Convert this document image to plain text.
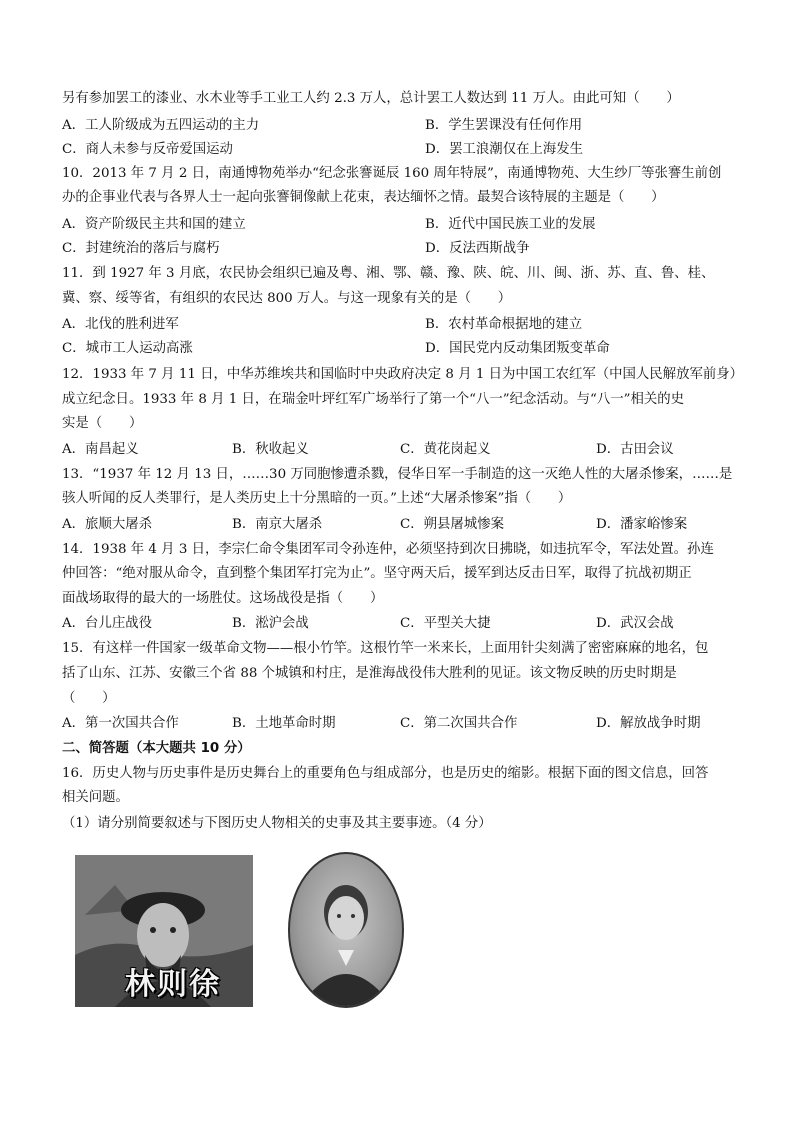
另有参加罢工的漆业、水木业等手工业工人约 2.3 万人，总计罢工人数达到 11 万人。由此可知（　　）
A．工人阶级成为五四运动的主力	B．学生罢课没有任何作用
C．商人未参与反帝爱国运动	D．罢工浪潮仅在上海发生
10．2013 年 7 月 2 日，南通博物苑举办“纪念张謇诞辰 160 周年特展”，南通博物苑、大生纱厂等张謇生前创
办的企事业代表与各界人士一起向张謇铜像献上花束，表达缅怀之情。最契合该特展的主题是（　　）
A．资产阶级民主共和国的建立	B．近代中国民族工业的发展
C．封建统治的落后与腐朽	D．反法西斯战争
11．到 1927 年 3 月底，农民协会组织已遍及粤、湘、鄂、赣、豫、陕、皖、川、闽、浙、苏、直、鲁、桂、
冀、察、绥等省，有组织的农民达 800 万人。与这一现象有关的是（　　）
A．北伐的胜利进军	B．农村革命根据地的建立
C．城市工人运动高涨	D．国民党内反动集团叛变革命
12．1933 年 7 月 11 日，中华苏维埃共和国临时中央政府决定 8 月 1 日为中国工农红军（中国人民解放军前身）
成立纪念日。1933 年 8 月 1 日，在瑞金叶坪红军广场举行了第一个“八一”纪念活动。与“八一”相关的史
实是（　　）
A．南昌起义	B．秋收起义	C．黄花岗起义	D．古田会议
13．“1937 年 12 月 13 日，……30 万同胞惨遭杀戮，侵华日军一手制造的这一灭绝人性的大屠杀惨案，……是
骇人听闻的反人类罪行，是人类历史上十分黑暗的一页。”上述“大屠杀惨案”指（　　）
A．旅顺大屠杀	B．南京大屠杀	C．朔县屠城惨案	D．潘家峪惨案
14．1938 年 4 月 3 日，李宗仁命令集团军司令孙连仲，必须坚持到次日拂晓，如违抗军令，军法处置。孙连
仲回答：“绝对服从命令，直到整个集团军打完为止”。坚守两天后，援军到达反击日军，取得了抗战初期正
面战场取得的最大的一场胜仗。这场战役是指（　　）
A．台儿庄战役	B．淞沪会战	C．平型关大捷	D．武汉会战
15．有这样一件国家一级革命文物——根小竹竿。这根竹竿一米来长，上面用针尖刻满了密密麻麻的地名，包
括了山东、江苏、安徽三个省 88 个城镇和村庄，是淮海战役伟大胜利的见证。该文物反映的历史时期是
（　　）
A．第一次国共合作	B．土地革命时期	C．第二次国共合作	D．解放战争时期
二、简答题（本大题共 10 分）
16．历史人物与历史事件是历史舞台上的重要角色与组成部分，也是历史的缩影。根据下面的图文信息，回答
相关问题。
（1）请分别简要叙述与下图历史人物相关的史事及其主要事迹。（4 分）
林则徐
